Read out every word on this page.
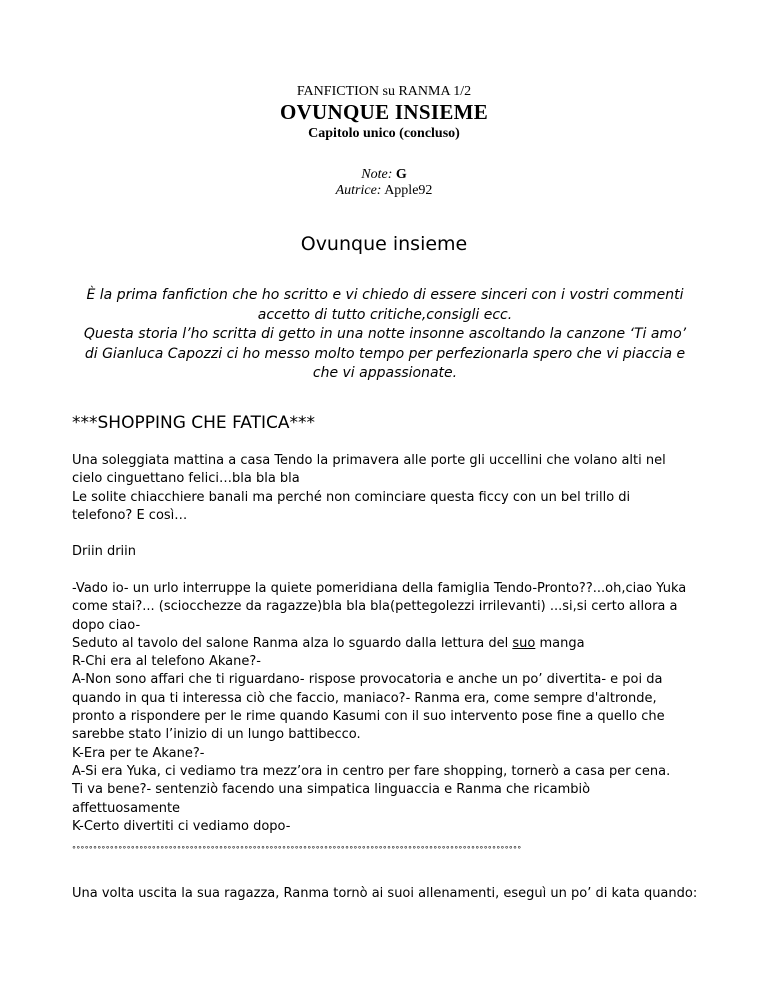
FANFICTION su RANMA 1/2
OVUNQUE INSIEME
Capitolo unico (concluso)
Note: G
Autrice: Apple92
Ovunque insieme

È la prima fanfiction che ho scritto e vi chiedo di essere sinceri con i vostri commenti

accetto di tutto critiche,consigli ecc.

Questa storia l’ho scritta di getto in una notte insonne ascoltando la canzone ‘Ti amo’

di Gianluca Capozzi ci ho messo molto tempo per perfezionarla spero che vi piaccia e

che vi appassionate.

***SHOPPING CHE FATICA***

Una soleggiata mattina a casa Tendo la primavera alle porte gli uccellini che volano alti nel

cielo cinguettano felici…bla bla bla

Le solite chiacchiere banali ma perché non cominciare questa ficcy con un bel trillo di

telefono? E così…

Driin driin

-Vado io- un urlo interruppe la quiete pomeridiana della famiglia Tendo-Pronto??...oh,ciao Yuka

come stai?... (sciocchezze da ragazze)bla bla bla(pettegolezzi irrilevanti) ...si,si certo allora a

dopo ciao-

Seduto al tavolo del salone Ranma alza lo sguardo dalla lettura del suo manga

R-Chi era al telefono Akane?-

A-Non sono affari che ti riguardano- rispose provocatoria e anche un po’ divertita- e poi da

quando in qua ti interessa ciò che faccio, maniaco?- Ranma era, come sempre d'altronde,

pronto a rispondere per le rime quando Kasumi con il suo intervento pose fine a quello che

sarebbe stato l’inizio di un lungo battibecco.

K-Era per te Akane?-

A-Si era Yuka, ci vediamo tra mezz’ora in centro per fare shopping, tornerò a casa per cena.

Ti va bene?- sentenziò facendo una simpatica linguaccia e Ranma che ricambiò

affettuosamente

K-Certo divertiti ci vediamo dopo-

°°°°°°°°°°°°°°°°°°°°°°°°°°°°°°°°°°°°°°°°°°°°°°°°°°°°°°°°°°°°°°°°°°°°°°°°°°°°°°°°°°°°°°°°°°°°°°°°°°°°°°°°°°°
Una volta uscita la sua ragazza, Ranma tornò ai suoi allenamenti, eseguì un po’ di kata quando:
